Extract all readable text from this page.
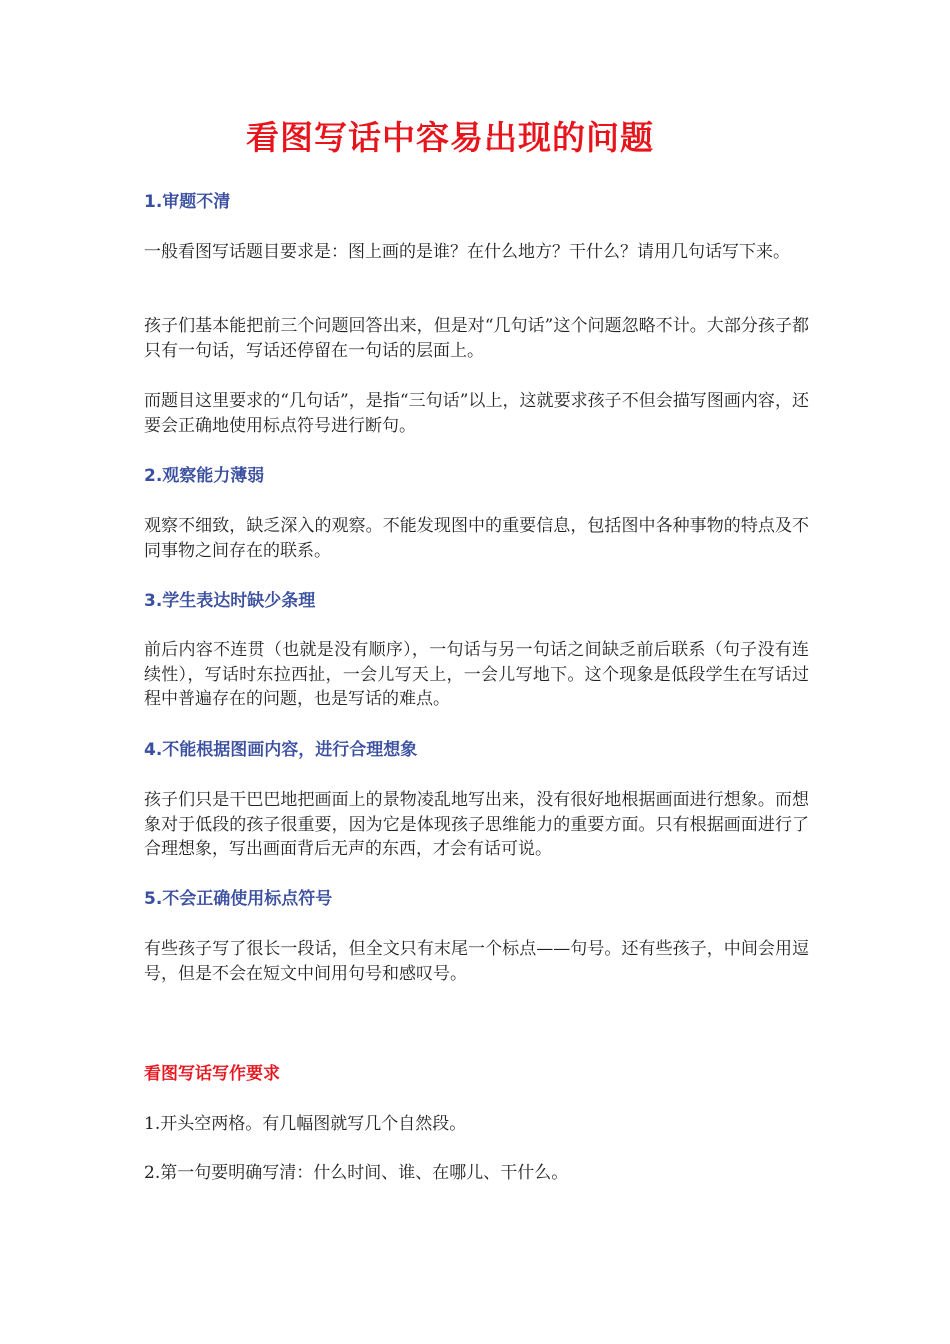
看图写话中容易出现的问题
1.审题不清
一般看图写话题目要求是：图上画的是谁？在什么地方？干什么？请用几句话写下来。
孩子们基本能把前三个问题回答出来，但是对“几句话”这个问题忽略不计。大部分孩子都只有一句话，写话还停留在一句话的层面上。
而题目这里要求的“几句话”，是指“三句话”以上，这就要求孩子不但会描写图画内容，还要会正确地使用标点符号进行断句。
2.观察能力薄弱
观察不细致，缺乏深入的观察。不能发现图中的重要信息，包括图中各种事物的特点及不同事物之间存在的联系。
3.学生表达时缺少条理
前后内容不连贯（也就是没有顺序），一句话与另一句话之间缺乏前后联系（句子没有连续性），写话时东拉西扯，一会儿写天上，一会儿写地下。这个现象是低段学生在写话过程中普遍存在的问题，也是写话的难点。
4.不能根据图画内容，进行合理想象
孩子们只是干巴巴地把画面上的景物凌乱地写出来，没有很好地根据画面进行想象。而想象对于低段的孩子很重要，因为它是体现孩子思维能力的重要方面。只有根据画面进行了合理想象，写出画面背后无声的东西，才会有话可说。
5.不会正确使用标点符号
有些孩子写了很长一段话，但全文只有末尾一个标点——句号。还有些孩子，中间会用逗号，但是不会在短文中间用句号和感叹号。
看图写话写作要求
1.开头空两格。有几幅图就写几个自然段。
2.第一句要明确写清：什么时间、谁、在哪儿、干什么。
